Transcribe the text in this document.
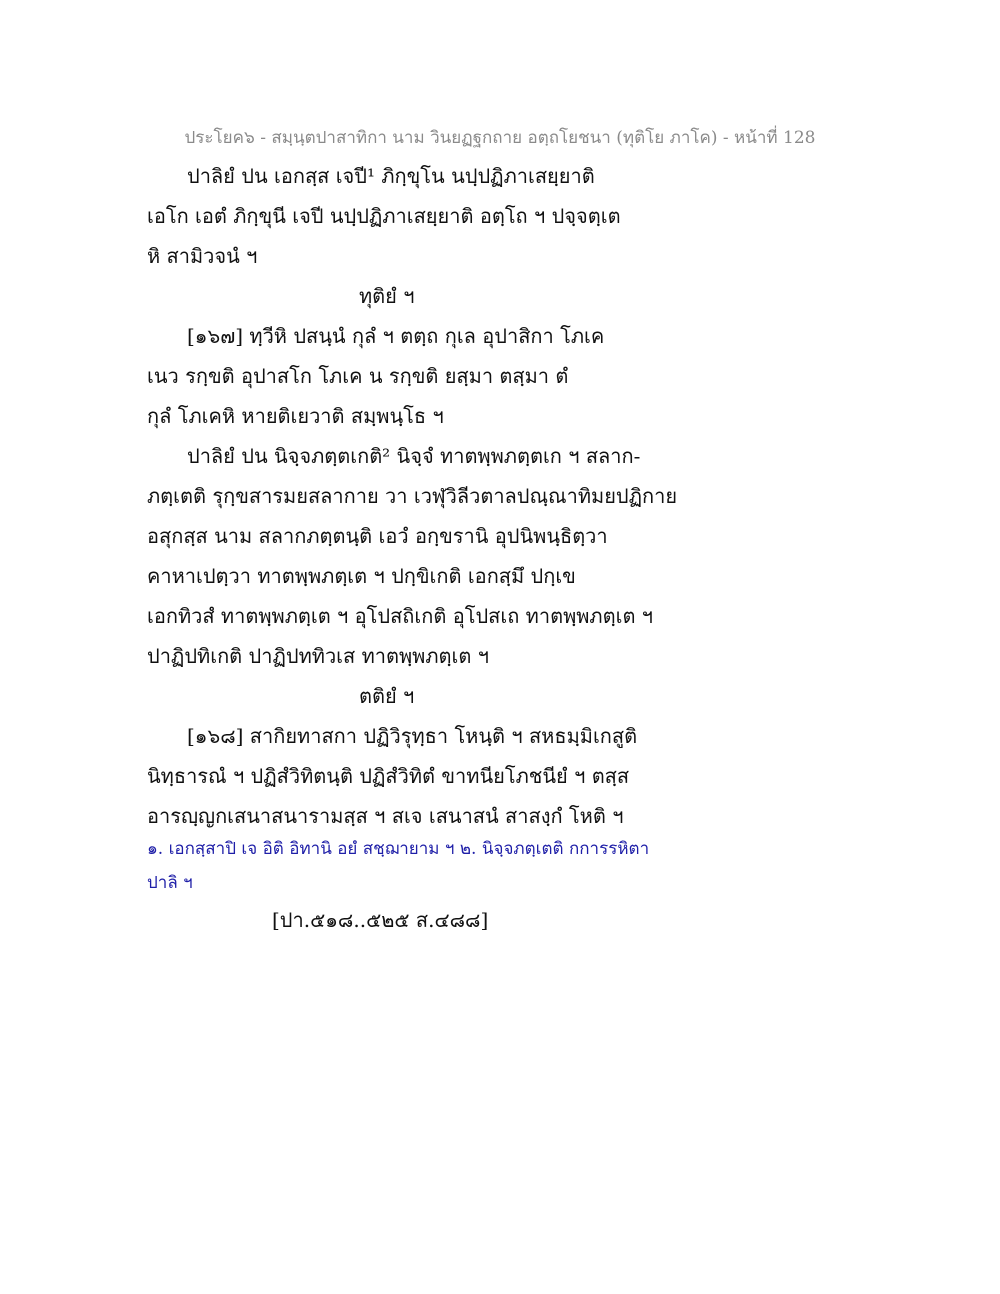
ประโยค๖ - สมฺนฺตปาสาทิกา นาม วินยฏฐกถาย อตฺถโยชนา (ทุติโย ภาโค) - หน้าที่ 128
ปาลิยํ ปน เอกสฺส เจปี¹ ภิกฺขุโน นปฺปฏิภาเสยฺยาติ
เอโก เอตํ ภิกฺขุนี เจปี นปฺปฏิภาเสยฺยาติ อตฺโถ ฯ ปจฺจตฺเต
หิ สามิวจนํ ฯ
ทุติยํ ฯ
[๑๖๗] ทฺวีหิ ปสนฺนํ กุลํ ฯ ตตฺถ กุเล อุปาสิกา โภเค
เนว รกฺขติ อุปาสโก โภเค น รกฺขติ ยสฺมา ตสฺมา ตํ
กุลํ โภเคหิ หายติเยวาติ สมฺพนฺโธ ฯ
ปาลิยํ ปน นิจฺจภตฺตเกติ² นิจฺจํ ทาตพฺพภตฺตเก ฯ สลาก-
ภตฺเตติ รุกฺขสารมยสลากาย วา เวฬุวิลีวตาลปณฺณาทิมยปฏิกาย
อสุกสฺส นาม สลากภตฺตนฺติ เอวํ อกฺขรานิ อุปนิพนฺธิตฺวา
คาหาเปตฺวา ทาตพฺพภตฺเต ฯ ปกฺขิเกติ เอกสฺมึ ปกฺเข
เอกทิวสํ ทาตพฺพภตฺเต ฯ อุโปสถิเกติ อุโปสเถ ทาตพฺพภตฺเต ฯ
ปาฏิปทิเกติ ปาฏิปททิวเส ทาตพฺพภตฺเต ฯ
ตติยํ ฯ
[๑๖๘] สากิยทาสกา ปฏิวิรุทฺธา โหนฺติ ฯ สหธมฺมิเกสูติ
นิทฺธารณํ ฯ ปฏิสํวิทิตนฺติ ปฏิสํวิทิตํ ขาทนียโภชนียํ ฯ ตสฺส
อารญฺญกเสนาสนารามสฺส ฯ สเจ เสนาสนํ สาสงฺกํ โหติ ฯ
๑. เอกสฺสาปิ เจ อิติ อิทานิ อยํ สชฺฌายาม ฯ ๒. นิจฺจภตฺเตติ กการรหิตา
ปาลิ ฯ
[ปา.๕๑๘..๕๒๕ ส.๔๘๘]
